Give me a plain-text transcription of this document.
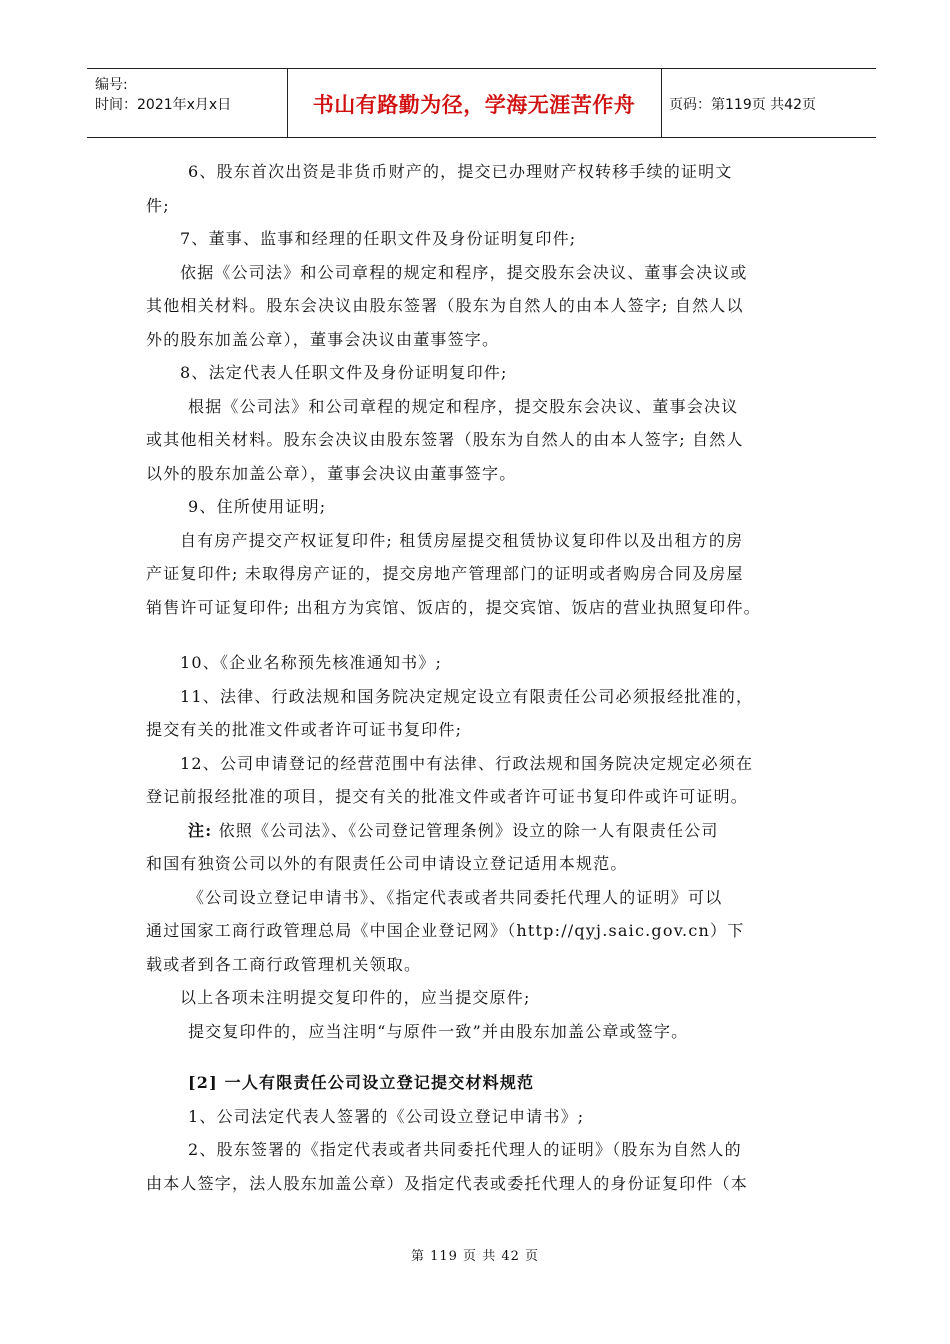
编号:
时间：2021年x月x日	书山有路勤为径，学海无涯苦作舟	页码：第119页 共42页
6、股东首次出资是非货币财产的，提交已办理财产权转移手续的证明文
件;
7、董事、监事和经理的任职文件及身份证明复印件;
依据《公司法》和公司章程的规定和程序，提交股东会决议、董事会决议或
其他相关材料。股东会决议由股东签署（股东为自然人的由本人签字; 自然人以
外的股东加盖公章），董事会决议由董事签字。
8、法定代表人任职文件及身份证明复印件;
根据《公司法》和公司章程的规定和程序，提交股东会决议、董事会决议
或其他相关材料。股东会决议由股东签署（股东为自然人的由本人签字; 自然人
以外的股东加盖公章），董事会决议由董事签字。
9、住所使用证明;
自有房产提交产权证复印件; 租赁房屋提交租赁协议复印件以及出租方的房
产证复印件; 未取得房产证的，提交房地产管理部门的证明或者购房合同及房屋
销售许可证复印件; 出租方为宾馆、饭店的，提交宾馆、饭店的营业执照复印件。
10、《企业名称预先核准通知书》;
11、法律、行政法规和国务院决定规定设立有限责任公司必须报经批准的，
提交有关的批准文件或者许可证书复印件;
12、公司申请登记的经营范围中有法律、行政法规和国务院决定规定必须在
登记前报经批准的项目，提交有关的批准文件或者许可证书复印件或许可证明。
注: 依照《公司法》、《公司登记管理条例》设立的除一人有限责任公司
和国有独资公司以外的有限责任公司申请设立登记适用本规范。
《公司设立登记申请书》、《指定代表或者共同委托代理人的证明》可以
通过国家工商行政管理总局《中国企业登记网》（http://qyj.saic.gov.cn）下
载或者到各工商行政管理机关领取。
以上各项未注明提交复印件的，应当提交原件;
提交复印件的，应当注明“与原件一致”并由股东加盖公章或签字。
[2] 一人有限责任公司设立登记提交材料规范
1、公司法定代表人签署的《公司设立登记申请书》;
2、股东签署的《指定代表或者共同委托代理人的证明》（股东为自然人的
由本人签字，法人股东加盖公章）及指定代表或委托代理人的身份证复印件（本
第 119 页 共 42 页
